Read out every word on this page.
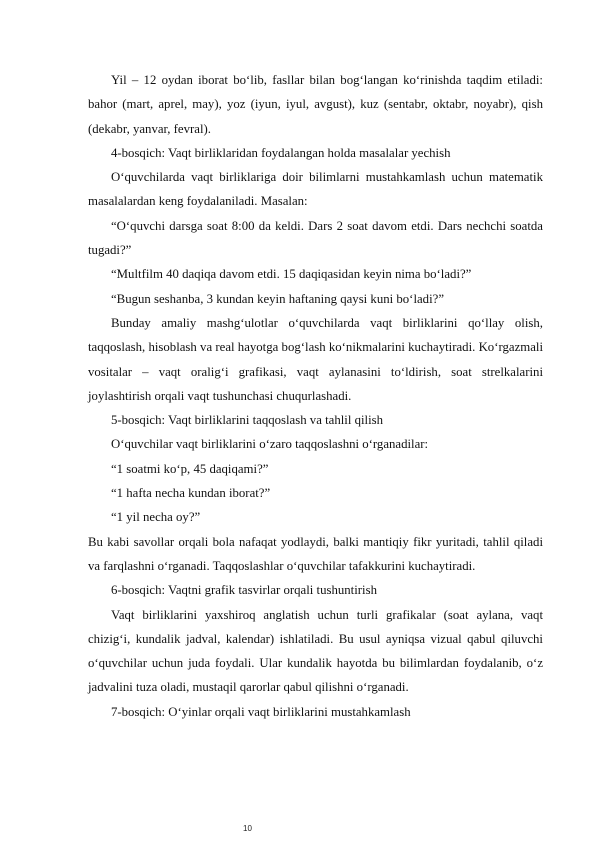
Yil – 12 oydan iborat bo‘lib, fasllar bilan bog‘langan ko‘rinishda taqdim etiladi: bahor (mart, aprel, may), yoz (iyun, iyul, avgust), kuz (sentabr, oktabr, noyabr), qish (dekabr, yanvar, fevral).

4-bosqich: Vaqt birliklaridan foydalangan holda masalalar yechish

O‘quvchilarda vaqt birliklariga doir bilimlarni mustahkamlash uchun matematik masalalardan keng foydalaniladi. Masalan:

“O‘quvchi darsga soat 8:00 da keldi. Dars 2 soat davom etdi. Dars nechchi soatda tugadi?”

“Multfilm 40 daqiqa davom etdi. 15 daqiqasidan keyin nima bo‘ladi?”

“Bugun seshanba, 3 kundan keyin haftaning qaysi kuni bo‘ladi?”

Bunday amaliy mashg‘ulotlar o‘quvchilarda vaqt birliklarini qo‘llay olish, taqqoslash, hisoblash va real hayotga bog‘lash ko‘nikmalarini kuchaytiradi. Ko‘rgazmali vositalar – vaqt oralig‘i grafikasi, vaqt aylanasini to‘ldirish, soat strelkalarini joylashtirish orqali vaqt tushunchasi chuqurlashadi.

5-bosqich: Vaqt birliklarini taqqoslash va tahlil qilish

O‘quvchilar vaqt birliklarini o‘zaro taqqoslashni o‘rganadilar:

“1 soatmi ko‘p, 45 daqiqami?”

“1 hafta necha kundan iborat?”

“1 yil necha oy?”

Bu kabi savollar orqali bola nafaqat yodlaydi, balki mantiqiy fikr yuritadi, tahlil qiladi va farqlashni o‘rganadi. Taqqoslashlar o‘quvchilar tafakkurini kuchaytiradi.

6-bosqich: Vaqtni grafik tasvirlar orqali tushuntirish

Vaqt birliklarini yaxshiroq anglatish uchun turli grafikalar (soat aylana, vaqt chizig‘i, kundalik jadval, kalendar) ishlatiladi. Bu usul ayniqsa vizual qabul qiluvchi o‘quvchilar uchun juda foydali. Ular kundalik hayotda bu bilimlardan foydalanib, o‘z jadvalini tuza oladi, mustaqil qarorlar qabul qilishni o‘rganadi.

7-bosqich: O‘yinlar orqali vaqt birliklarini mustahkamlash

10
